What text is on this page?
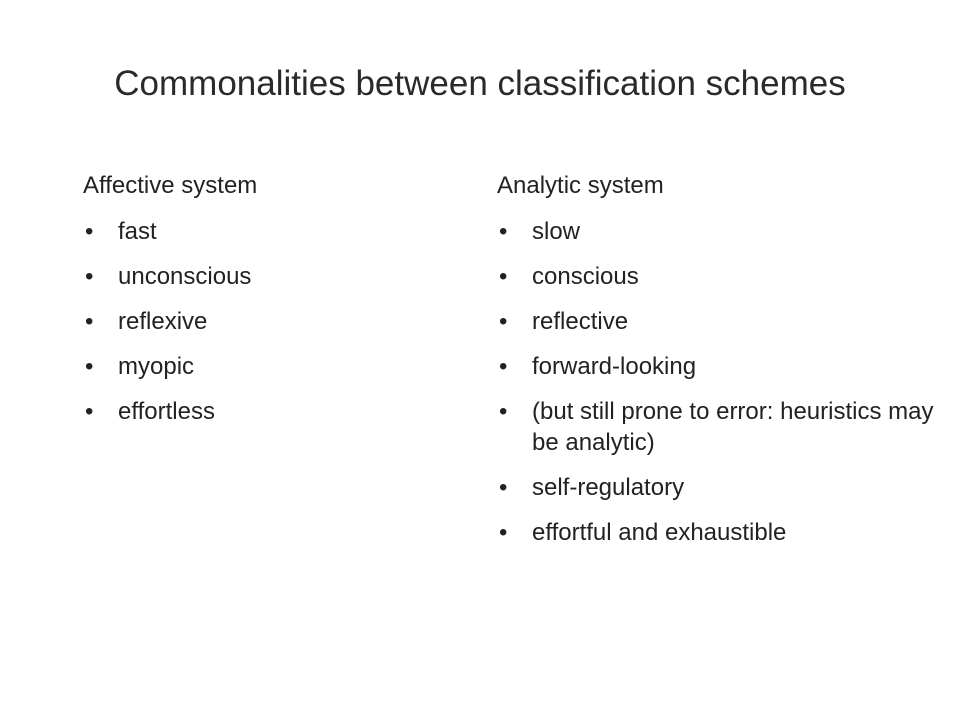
Commonalities between classification schemes
Affective system
• fast
• unconscious
• reflexive
• myopic
• effortless
Analytic system
• slow
• conscious
• reflective
• forward-looking
• (but still prone to error: heuristics may be analytic)
• self-regulatory
• effortful and exhaustible
